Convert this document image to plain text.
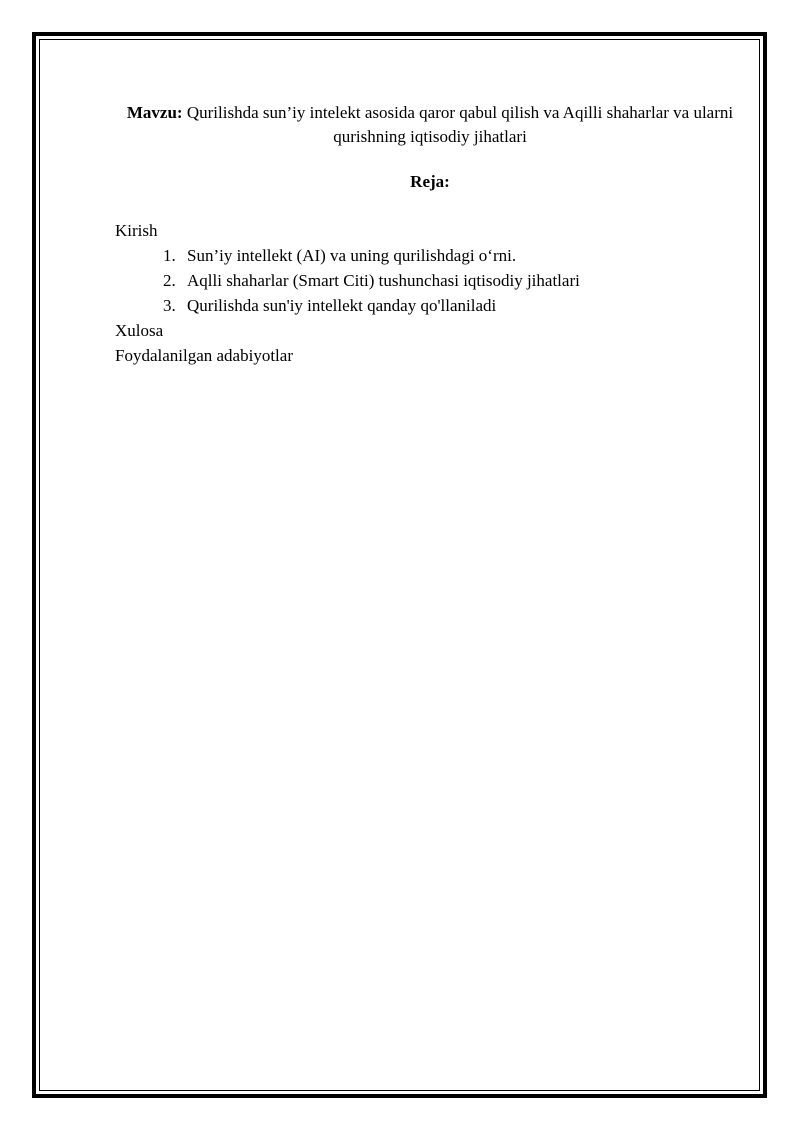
Mavzu: Qurilishda sun’iy intelekt asosida qaror qabul qilish va Aqilli shaharlar va ularni qurishning iqtisodiy jihatlari
Reja:
Kirish
1. Sun’iy intellekt (AI) va uning qurilishdagi o‘rni.
2. Aqlli shaharlar (Smart Citi) tushunchasi iqtisodiy jihatlari
3. Qurilishda sun'iy intellekt qanday qo'llaniladi
Xulosa
Foydalanilgan adabiyotlar
